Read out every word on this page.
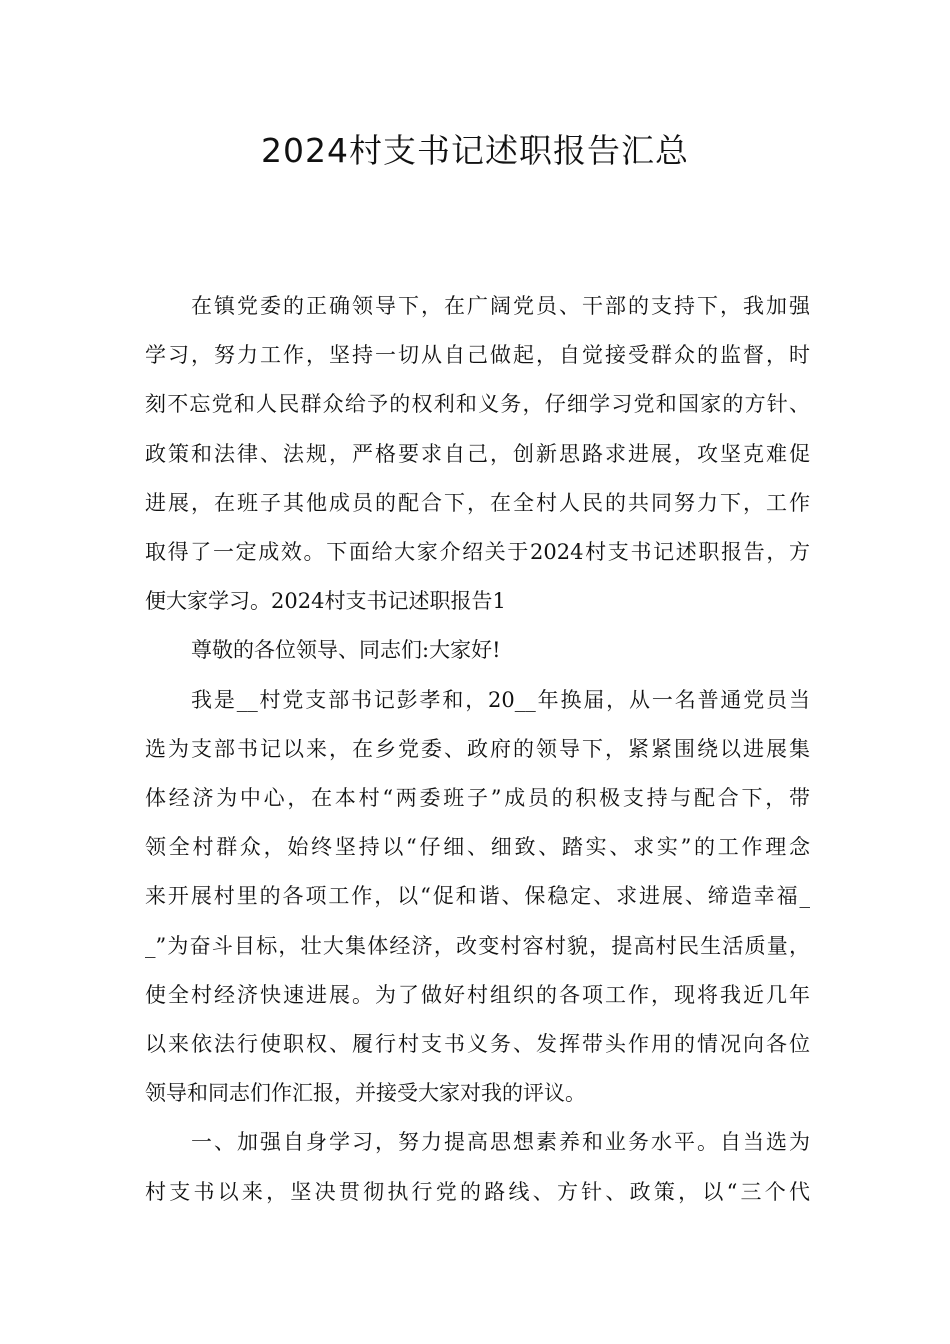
2024村支书记述职报告汇总
在镇党委的正确领导下，在广阔党员、干部的支持下，我加强
学习，努力工作，坚持一切从自己做起，自觉接受群众的监督，时
刻不忘党和人民群众给予的权利和义务，仔细学习党和国家的方针、
政策和法律、法规，严格要求自己，创新思路求进展，攻坚克难促
进展，在班子其他成员的配合下，在全村人民的共同努力下，工作
取得了一定成效。下面给大家介绍关于2024村支书记述职报告，方
便大家学习。2024村支书记述职报告1
尊敬的各位领导、同志们:大家好!
我是__村党支部书记彭孝和，20__年换届，从一名普通党员当
选为支部书记以来，在乡党委、政府的领导下，紧紧围绕以进展集
体经济为中心，在本村“两委班子”成员的积极支持与配合下，带
领全村群众，始终坚持以“仔细、细致、踏实、求实”的工作理念
来开展村里的各项工作，以“促和谐、保稳定、求进展、缔造幸福_
_”为奋斗目标，壮大集体经济，改变村容村貌，提高村民生活质量，
使全村经济快速进展。为了做好村组织的各项工作，现将我近几年
以来依法行使职权、履行村支书义务、发挥带头作用的情况向各位
领导和同志们作汇报，并接受大家对我的评议。
一、加强自身学习，努力提高思想素养和业务水平。自当选为
村支书以来，坚决贯彻执行党的路线、方针、政策，以“三个代
